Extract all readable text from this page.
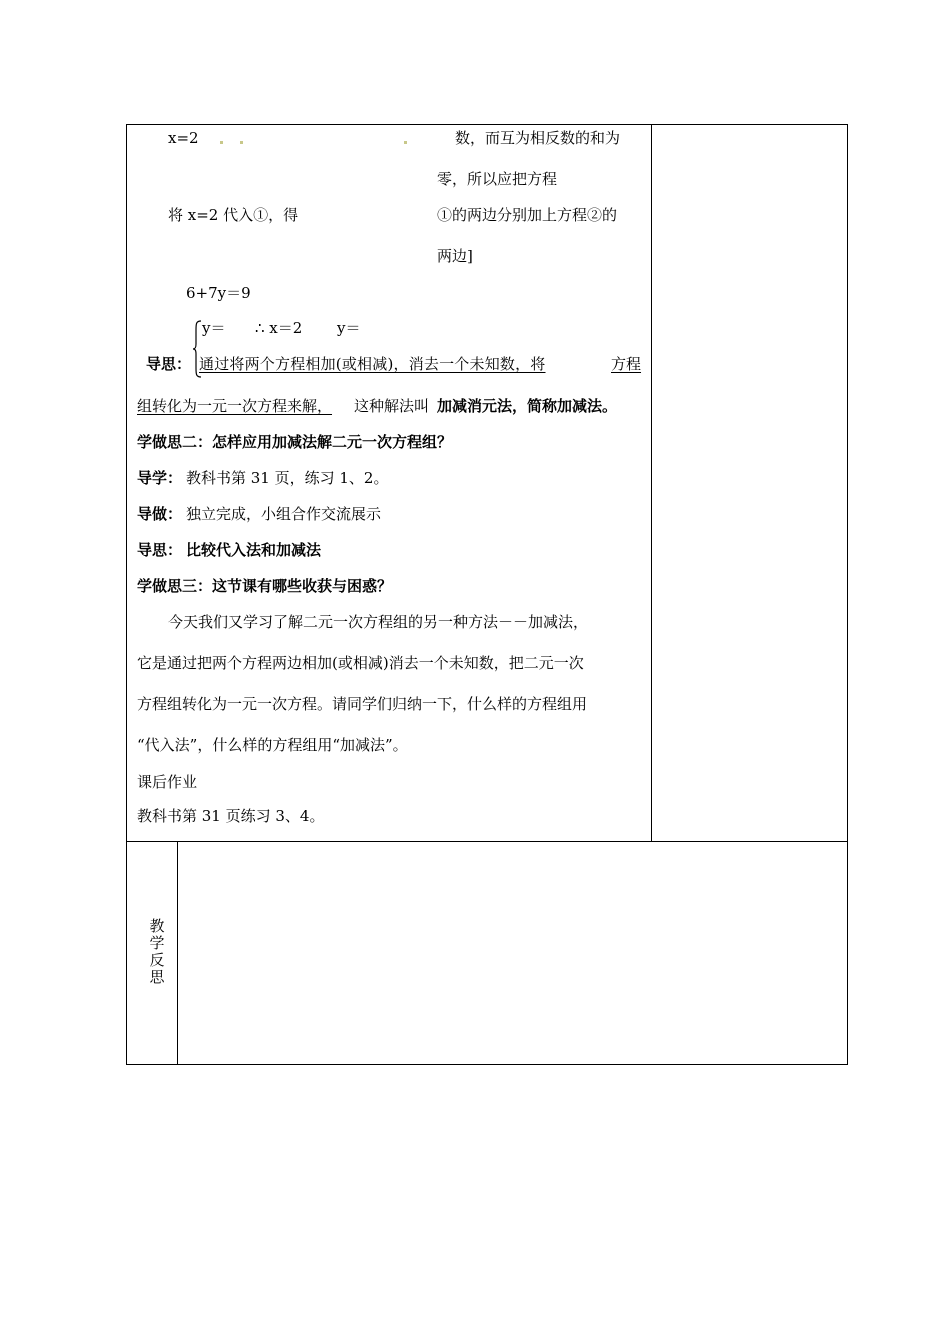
x=2
将 x=2 代入①，得
6+7y＝9
数，而互为相反数的和为
零，所以应把方程
①的两边分别加上方程②的
两边]
y＝ ∴ x＝2 y＝
导思： 通过将两个方程相加(或相减)，消去一个未知数，将	方程
组转化为一元一次方程来解， 这种解法叫 加减消元法，简称加减法。
学做思二：怎样应用加减法解二元一次方程组？
导学： 教科书第 31 页，练习 1、2。
导做： 独立完成，小组合作交流展示
导思： 比较代入法和加减法
学做思三：这节课有哪些收获与困惑？
今天我们又学习了解二元一次方程组的另一种方法－－加减法，
它是通过把两个方程两边相加(或相减)消去一个未知数，把二元一次
方程组转化为一元一次方程。请同学们归纳一下，什么样的方程组用
“代入法”，什么样的方程组用“加减法”。
课后作业
教科书第 31 页练习 3、4。
教学反思
